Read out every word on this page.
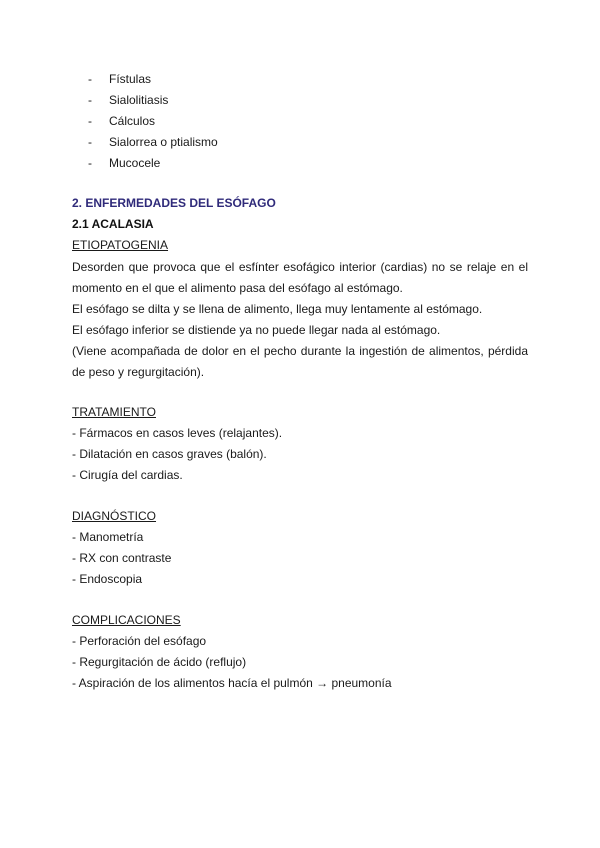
-	Fístulas
-	Sialolitiasis
-	Cálculos
-	Sialorrea o ptialismo
-	Mucocele

2. ENFERMEDADES DEL ESÓFAGO

2.1 ACALASIA

ETIOPATOGENIA

Desorden que provoca que el esfínter esofágico interior (cardias) no se relaje en el momento en el que el alimento pasa del esófago al estómago.

El esófago se dilta y se llena de alimento, llega muy lentamente al estómago.

El esófago inferior se distiende ya no puede llegar nada al estómago.

(Viene acompañada de dolor en el pecho durante la ingestión de alimentos, pérdida de peso y regurgitación).

TRATAMIENTO

- Fármacos en casos leves (relajantes).

- Dilatación en casos graves (balón).

- Cirugía del cardias.

DIAGNÓSTICO

- Manometría

- RX con contraste

- Endoscopia

COMPLICACIONES

- Perforación del esófago

- Regurgitación de ácido (reflujo)

- Aspiración de los alimentos hacía el pulmón → pneumonía
